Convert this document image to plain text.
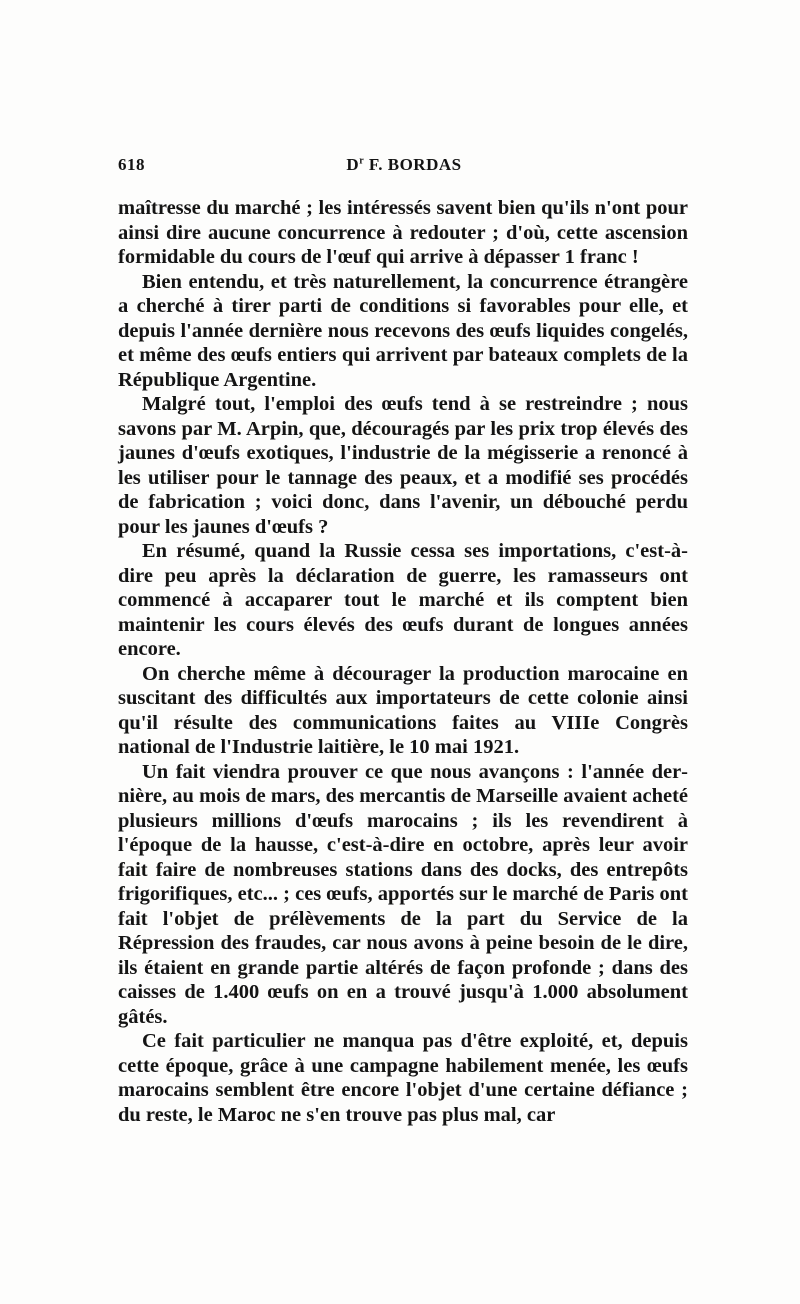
618	$D^r$ F. BORDAS

maîtresse du marché ; les intéressés savent bien qu'ils n'ont pour ainsi dire aucune concurrence à redouter ; d'où, cette ascension formidable du cours de l'œuf qui arrive à dépasser 1 franc !

Bien entendu, et très naturellement, la concurrence étrangère a cherché à tirer parti de conditions si favorables pour elle, et depuis l'année dernière nous recevons des œufs liquides congelés, et même des œufs entiers qui arrivent par bateaux complets de la République Argentine.

Malgré tout, l'emploi des œufs tend à se restreindre ; nous savons par M. Arpin, que, découragés par les prix trop élevés des jaunes d'œufs exotiques, l'industrie de la mégisserie a renoncé à les utiliser pour le tannage des peaux, et a modifié ses procédés de fabrication ; voici donc, dans l'avenir, un débouché perdu pour les jaunes d'œufs ?

En résumé, quand la Russie cessa ses importations, c'est-à-dire peu après la déclaration de guerre, les ramasseurs ont commencé à accaparer tout le marché et ils comptent bien maintenir les cours élevés des œufs durant de longues années encore.

On cherche même à décourager la production marocaine en suscitant des difficultés aux importateurs de cette colonie ainsi qu'il résulte des communications faites au VIIIe Congrès national de l'Industrie laitière, le 10 mai 1921.

Un fait viendra prouver ce que nous avançons : l'année dernière, au mois de mars, des mercantis de Marseille avaient acheté plusieurs millions d'œufs marocains ; ils les revendirent à l'époque de la hausse, c'est-à-dire en octobre, après leur avoir fait faire de nombreuses stations dans des docks, des entrepôts frigorifiques, etc... ; ces œufs, apportés sur le marché de Paris ont fait l'objet de prélèvements de la part du Service de la Répression des fraudes, car nous avons à peine besoin de le dire, ils étaient en grande partie altérés de façon profonde ; dans des caisses de 1.400 œufs on en a trouvé jusqu'à 1.000 absolument gâtés.

Ce fait particulier ne manqua pas d'être exploité, et, depuis cette époque, grâce à une campagne habilement menée, les œufs marocains semblent être encore l'objet d'une certaine défiance ; du reste, le Maroc ne s'en trouve pas plus mal, car
